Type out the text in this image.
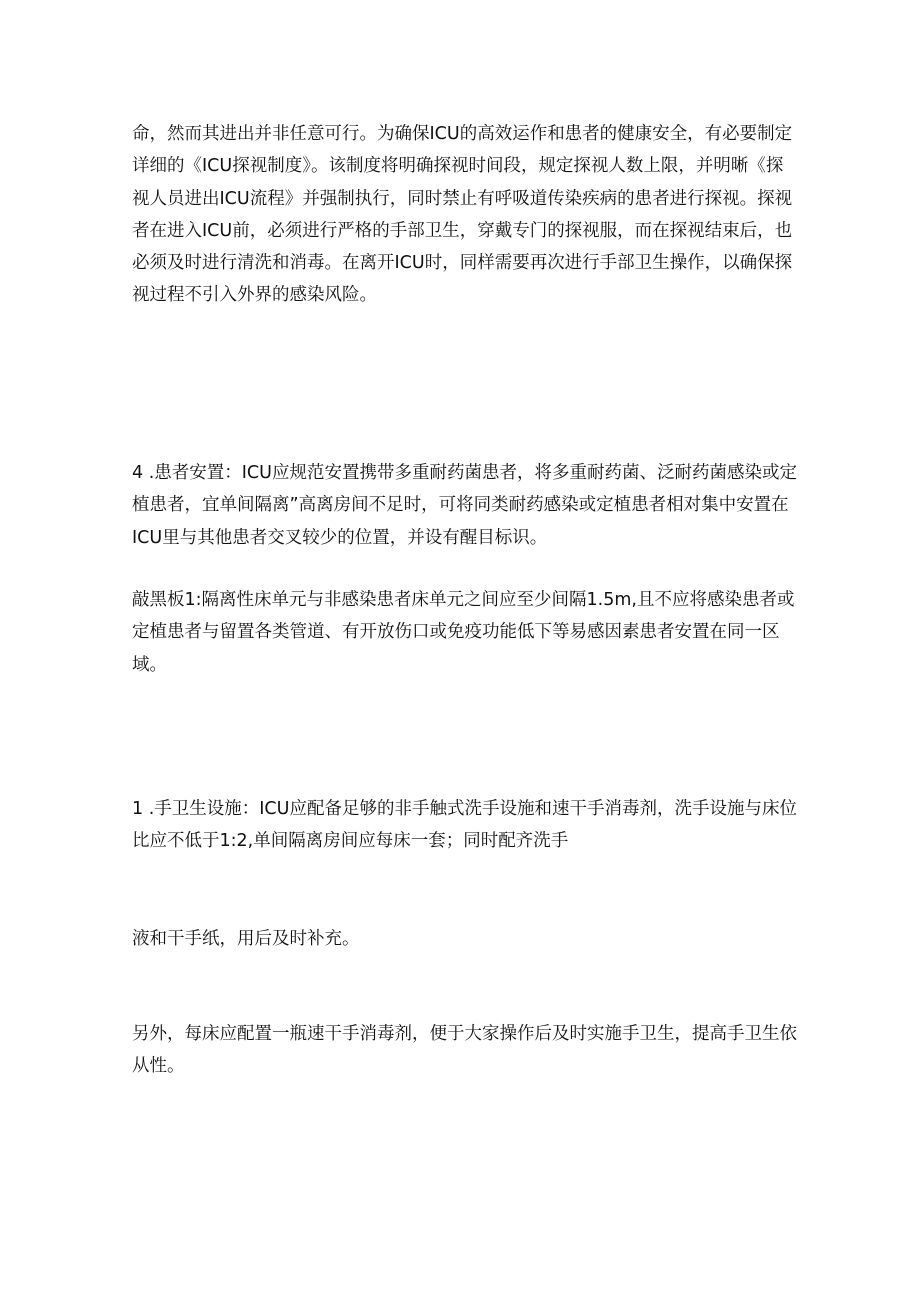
命，然而其进出并非任意可行。为确保ICU的高效运作和患者的健康安全，有必要制定详细的《ICU探视制度》。该制度将明确探视时间段，规定探视人数上限，并明晰《探视人员进出ICU流程》并强制执行，同时禁止有呼吸道传染疾病的患者进行探视。探视者在进入ICU前，必须进行严格的手部卫生，穿戴专门的探视服，而在探视结束后，也必须及时进行清洗和消毒。在离开ICU时，同样需要再次进行手部卫生操作，以确保探视过程不引入外界的感染风险。

4 .患者安置：ICU应规范安置携带多重耐药菌患者，将多重耐药菌、泛耐药菌感染或定植患者，宜单间隔离”高离房间不足时，可将同类耐药感染或定植患者相对集中安置在ICU里与其他患者交叉较少的位置，并设有醒目标识。

敲黑板1:隔离性床单元与非感染患者床单元之间应至少间隔1.5m,且不应将感染患者或定植患者与留置各类管道、有开放伤口或免疫功能低下等易感因素患者安置在同一区域。

1 .手卫生设施：ICU应配备足够的非手触式洗手设施和速干手消毒剂，洗手设施与床位比应不低于1:2,单间隔离房间应每床一套；同时配齐洗手

液和干手纸，用后及时补充。

另外，每床应配置一瓶速干手消毒剂，便于大家操作后及时实施手卫生，提高手卫生依从性。
